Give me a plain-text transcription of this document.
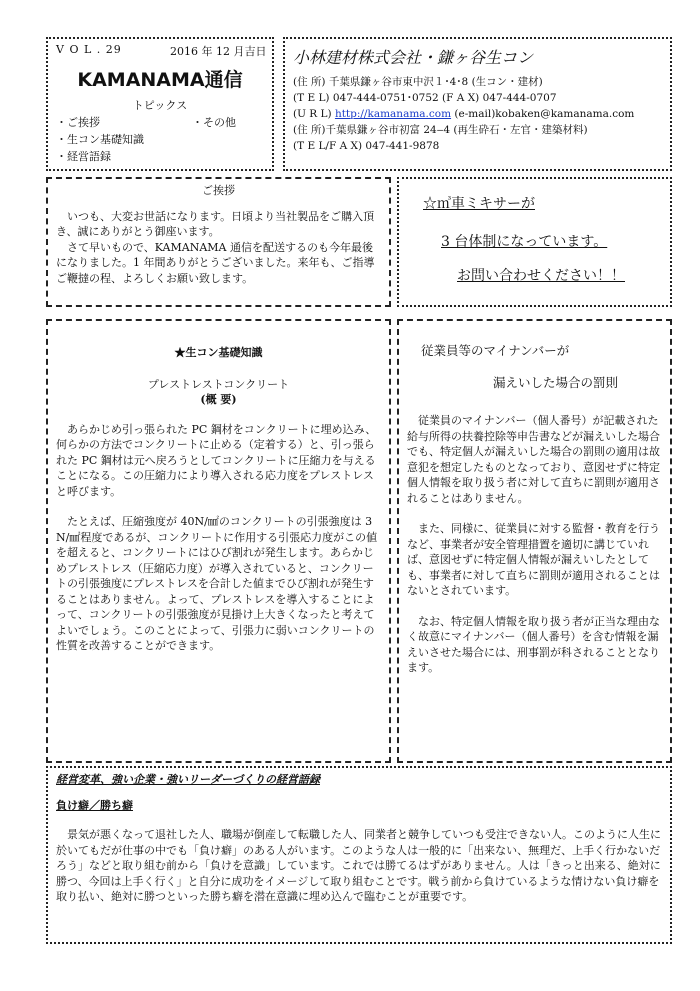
V O L . 29	2016 年 12 月吉日
KAMANAMA通信
トピックス
・ご挨拶	・その他
・生コン基礎知識
・経営語録
小林建材株式会社・鎌ヶ谷生コン
(住 所) 千葉県鎌ヶ谷市東中沢１･4･8 (生コン・建材)
(T E L) 047‐444‐0751･0752 (F A X) 047‐444‐0707
(U R L) http://kamanama.com (e‐mail)kobaken@kamanama.com
(住 所)千葉県鎌ヶ谷市初富 24‒4 (再生砕石・左官・建築材料)
(T E L/F A X) 047‐441‐9878
ご挨拶

いつも、大変お世話になります。日頃より当社製品をご購入頂き、誠にありがとう御座います。

さて早いもので、KAMANAMA 通信を配送するのも今年最後になりました。1 年間ありがとうございました。来年も、ご指導ご鞭撻の程、よろしくお願い致します。

☆㎥車ミキサーが
3 台体制になっています。
お問い合わせください！！
★生コン基礎知識
プレストレストコンクリート
(概 要)

あらかじめ引っ張られた PC 鋼材をコンクリートに埋め込み、何らかの方法でコンクリートに止める（定着する）と、引っ張られた PC 鋼材は元へ戻ろうとしてコンクリートに圧縮力を与えることになる。この圧縮力により導入される応力度をプレストレスと呼びます。

たとえば、圧縮強度が 40N/㎟のコンクリートの引張強度は 3 N/㎟程度であるが、コンクリートに作用する引張応力度がこの値を超えると、コンクリートにはひび割れが発生します。あらかじめプレストレス（圧縮応力度）が導入されていると、コンクリートの引張強度にプレストレスを合計した値までひび割れが発生することはありません。よって、プレストレスを導入することによって、コンクリートの引張強度が見掛け上大きくなったと考えてよいでしょう。このことによって、引張力に弱いコンクリートの性質を改善することができます。

従業員等のマイナンバーが
漏えいした場合の罰則

従業員のマイナンバー（個人番号）が記載された給与所得の扶養控除等申告書などが漏えいした場合でも、特定個人が漏えいした場合の罰則の適用は故意犯を想定したものとなっており、意図せずに特定個人情報を取り扱う者に対して直ちに罰則が適用されることはありません。

また、同様に、従業員に対する監督・教育を行うなど、事業者が安全管理措置を適切に講じていれば、意図せずに特定個人情報が漏えいしたとしても、事業者に対して直ちに罰則が適用されることはないとされています。

なお、特定個人情報を取り扱う者が正当な理由なく故意にマイナンバー（個人番号）を含む情報を漏えいさせた場合には、刑事罰が科されることとなります。

経営変革、強い企業・強いリーダーづくりの経営語録
負け癖／勝ち癖

景気が悪くなって退社した人、職場が倒産して転職した人、同業者と競争していつも受注できない人。このように人生に於いてもだが仕事の中でも「負け癖」のある人がいます。このような人は一般的に「出来ない、無理だ、上手く行かないだろう」などと取り組む前から「負けを意識」しています。これでは勝てるはずがありません。人は「きっと出来る、絶対に勝つ、今回は上手く行く」と自分に成功をイメージして取り組むことです。戦う前から負けているような情けない負け癖を取り払い、絶対に勝つといった勝ち癖を潜在意識に埋め込んで臨むことが重要です。
